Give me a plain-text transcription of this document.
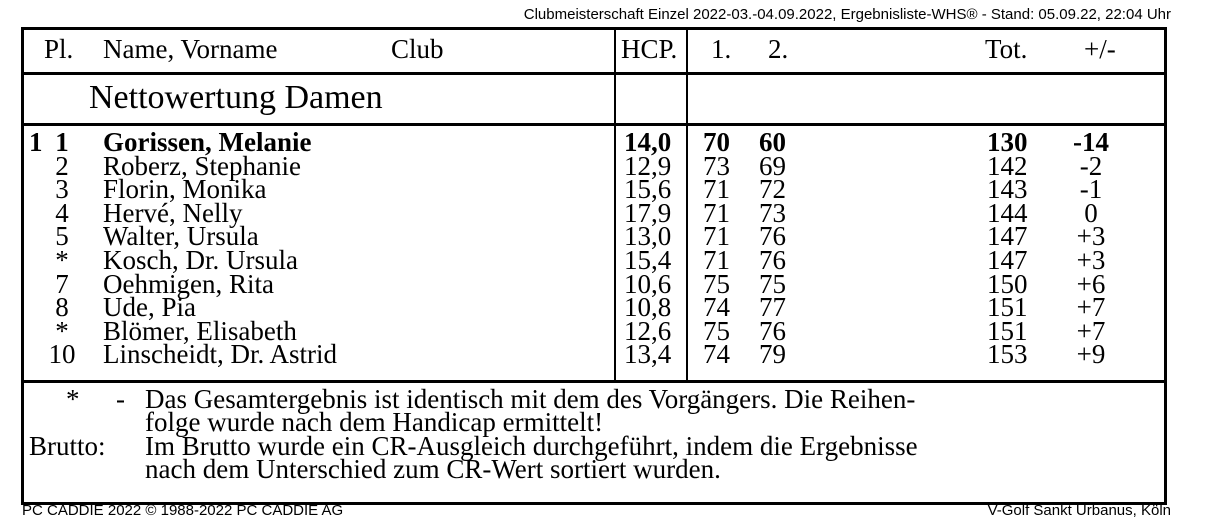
Clubmeisterschaft Einzel 2022-03.-04.09.2022, Ergebnisliste-WHS® - Stand: 05.09.22, 22:04 Uhr
Pl. Name, Vorname	Club	HCP. 1. 2.	Tot. +/-
Nettowertung Damen
1 1	Gorissen, Melanie	14,0 70 60	130 -14
2	Roberz, Stephanie	12,9 73 69	142	-2
3	Florin, Monika	15,6 71 72	143	-1
4	Hervé, Nelly	17,9 71 73	144	0
5	Walter, Ursula	13,0 71 76	147	+3
*	Kosch, Dr. Ursula	15,4 71 76	147	+3
7	Oehmigen, Rita	10,6 75 75	150	+6
8	Ude, Pia	10,8 74 77	151	+7
*	Blömer, Elisabeth	12,6 75 76	151	+7
10 Linscheidt, Dr. Astrid	13,4 74 79	153	+9
* - Das Gesamtergebnis ist identisch mit dem des Vorgängers. Die Reihen-
folge wurde nach dem Handicap ermittelt!
Brutto: Im Brutto wurde ein CR-Ausgleich durchgeführt, indem die Ergebnisse
nach dem Unterschied zum CR-Wert sortiert wurden.
PC CADDIE 2022 © 1988-2022 PC CADDIE AG	V-Golf Sankt Urbanus, Köln
